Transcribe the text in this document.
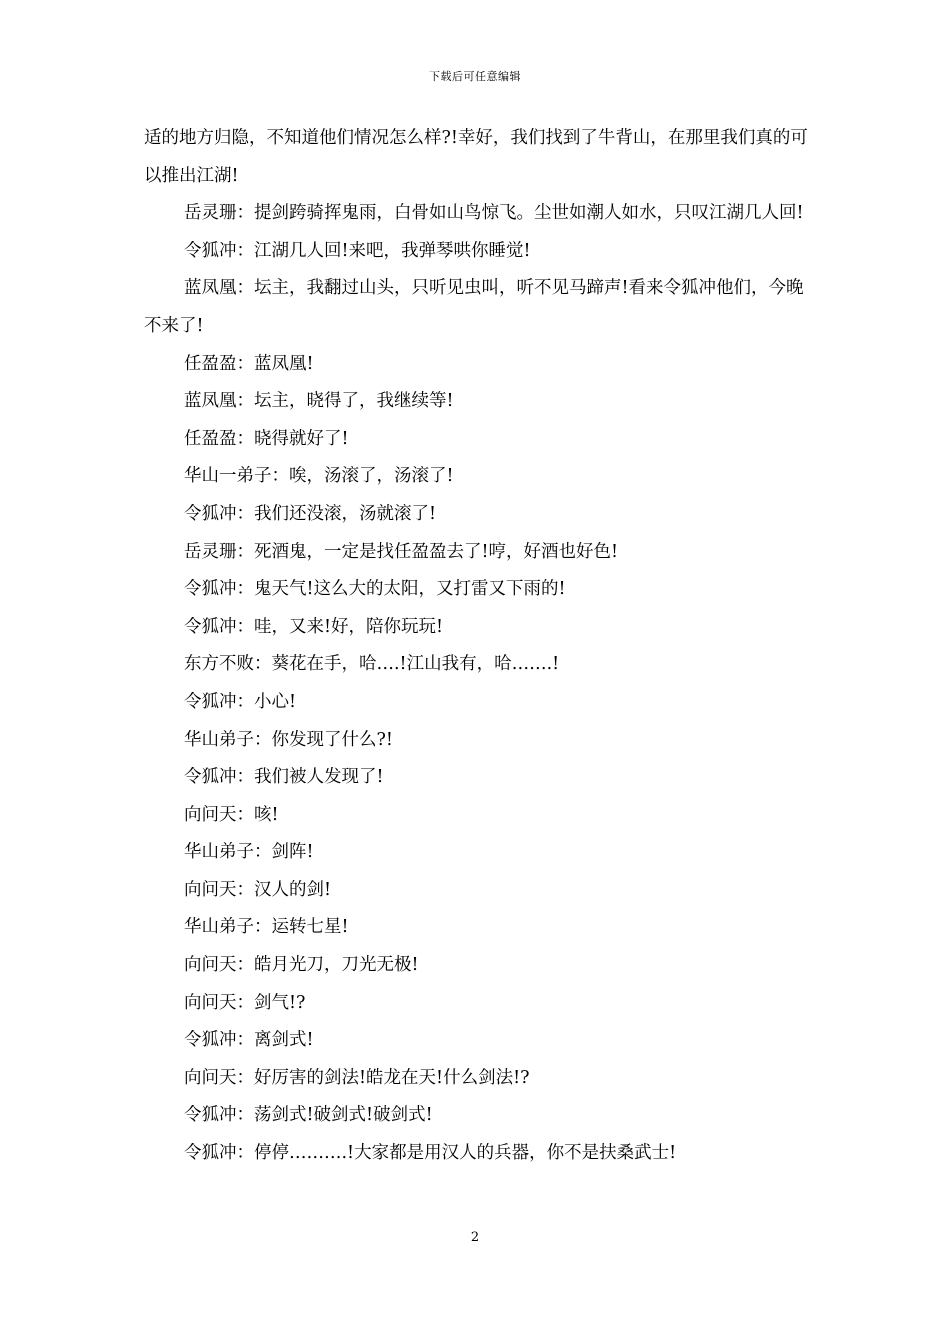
下载后可任意编辑

适的地方归隐，不知道他们情况怎么样?!幸好，我们找到了牛背山，在那里我们真的可以推出江湖!

岳灵珊：提剑跨骑挥鬼雨，白骨如山鸟惊飞。尘世如潮人如水，只叹江湖几人回!

令狐冲：江湖几人回!来吧，我弹琴哄你睡觉!

蓝凤凰：坛主，我翻过山头，只听见虫叫，听不见马蹄声!看来令狐冲他们，今晚不来了!

任盈盈：蓝凤凰!

蓝凤凰：坛主，晓得了，我继续等!

任盈盈：晓得就好了!

华山一弟子：唉，汤滚了，汤滚了!

令狐冲：我们还没滚，汤就滚了!

岳灵珊：死酒鬼，一定是找任盈盈去了!哼，好酒也好色!

令狐冲：鬼天气!这么大的太阳，又打雷又下雨的!

令狐冲：哇，又来!好，陪你玩玩!

东方不败：葵花在手，哈….!江山我有，哈…….!

令狐冲：小心!

华山弟子：你发现了什么?!

令狐冲：我们被人发现了!

向问天：咳!

华山弟子：剑阵!

向问天：汉人的剑!

华山弟子：运转七星!

向问天：皓月光刀，刀光无极!

向问天：剑气!?

令狐冲：离剑式!

向问天：好厉害的剑法!皓龙在天!什么剑法!?

令狐冲：荡剑式!破剑式!破剑式!

令狐冲：停停……….!大家都是用汉人的兵器，你不是扶桑武士!

2
